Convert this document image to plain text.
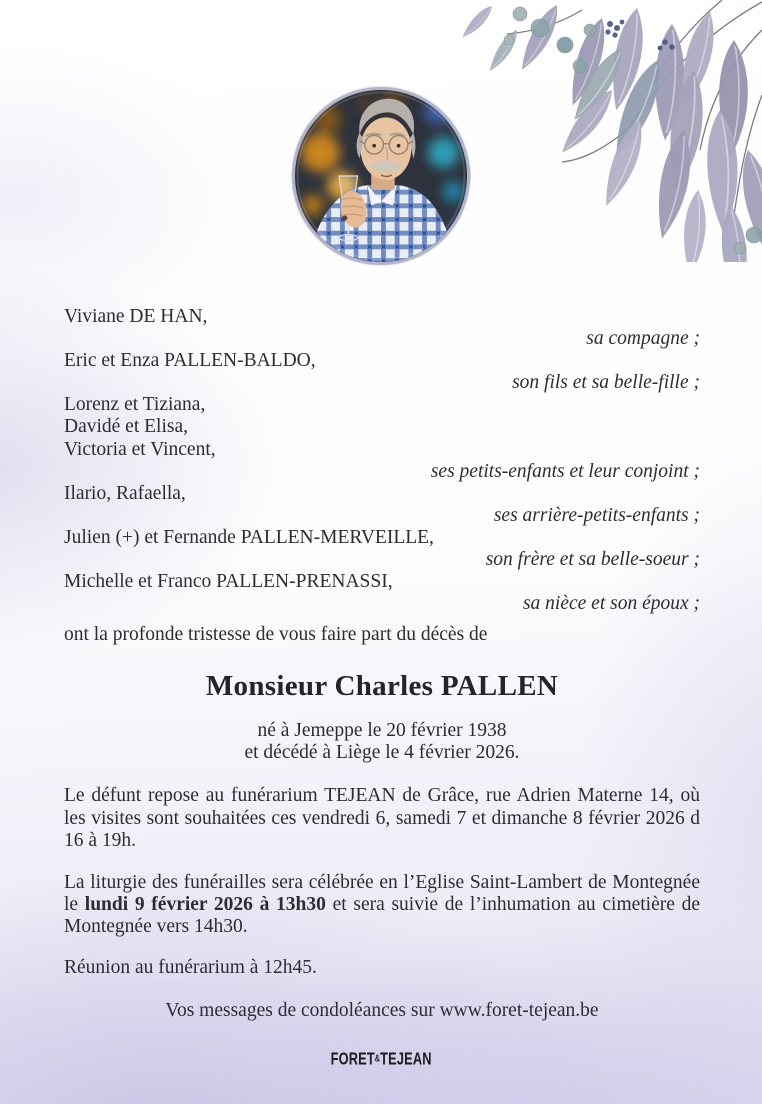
Viviane DE HAN,
sa compagne ;
Eric et Enza PALLEN-BALDO,
son fils et sa belle-fille ;
Lorenz et Tiziana,
Davidé et Elisa,
Victoria et Vincent,
ses petits-enfants et leur conjoint ;
Ilario, Rafaella,
ses arrière-petits-enfants ;
Julien (+) et Fernande PALLEN-MERVEILLE,
son frère et sa belle-soeur ;
Michelle et Franco PALLEN-PRENASSI,
sa nièce et son époux ;
ont la profonde tristesse de vous faire part du décès de
Monsieur Charles PALLEN
né à Jemeppe le 20 février 1938
et décédé à Liège le 4 février 2026.
Le défunt repose au funérarium TEJEAN de Grâce, rue Adrien Materne 14, où les visites sont souhaitées ces vendredi 6, samedi 7 et dimanche 8 février 2026 d 16 à 19h.
La liturgie des funérailles sera célébrée en l’Eglise Saint-Lambert de Montegnée le lundi 9 février 2026 à 13h30 et sera suivie de l’inhumation au cimetière de Montegnée vers 14h30.
Réunion au funérarium à 12h45.
Vos messages de condoléances sur www.foret-tejean.be
FORET&TEJEAN
